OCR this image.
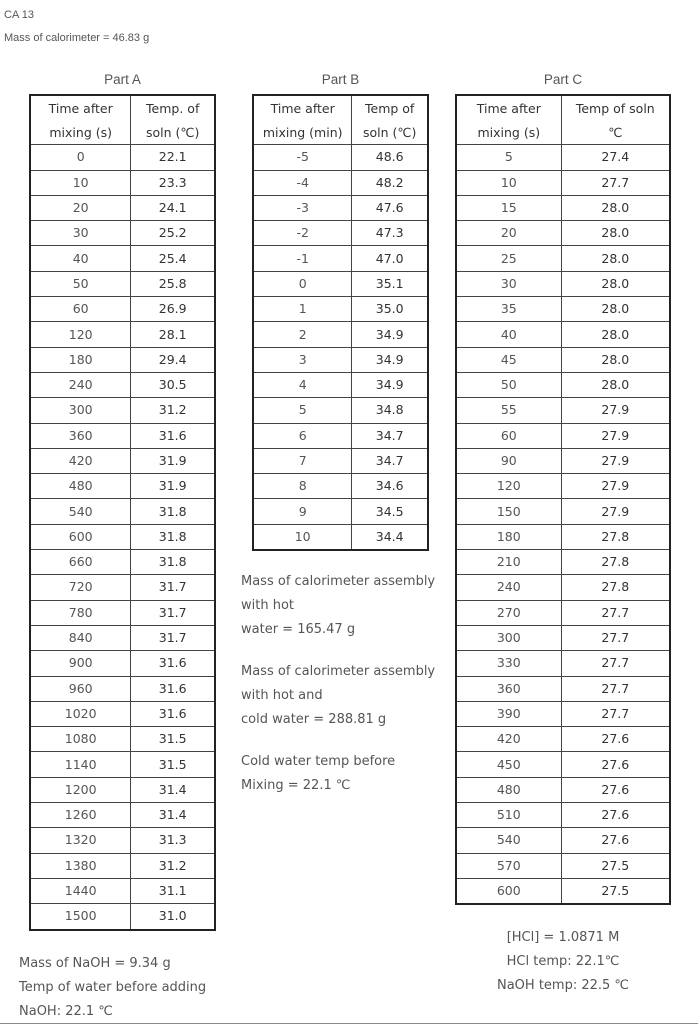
CA 13
Mass of calorimeter = 46.83 g
Part A
Time after	Temp. of
mixing (s)	soln (℃)
0	22.1
10	23.3
20	24.1
30	25.2
40	25.4
50	25.8
60	26.9
120	28.1
180	29.4
240	30.5
300	31.2
360	31.6
420	31.9
480	31.9
540	31.8
600	31.8
660	31.8
720	31.7
780	31.7
840	31.7
900	31.6
960	31.6
1020	31.6
1080	31.5
1140	31.5
1200	31.4
1260	31.4
1320	31.3
1380	31.2
1440	31.1
1500	31.0
Mass of NaOH = 9.34 g
Temp of water before adding
NaOH: 22.1 ℃
Part B
Time after	Temp of
mixing (min)	soln (℃)
-5	48.6
-4	48.2
-3	47.6
-2	47.3
-1	47.0
0	35.1
1	35.0
2	34.9
3	34.9
4	34.9
5	34.8
6	34.7
7	34.7
8	34.6
9	34.5
10	34.4
Mass of calorimeter assembly
with hot
water = 165.47 g
Mass of calorimeter assembly
with hot and
cold water = 288.81 g
Cold water temp before
Mixing = 22.1 ℃
Part C
Time after	Temp of soln
mixing (s)	℃
5	27.4
10	27.7
15	28.0
20	28.0
25	28.0
30	28.0
35	28.0
40	28.0
45	28.0
50	28.0
55	27.9
60	27.9
90	27.9
120	27.9
150	27.9
180	27.8
210	27.8
240	27.8
270	27.7
300	27.7
330	27.7
360	27.7
390	27.7
420	27.6
450	27.6
480	27.6
510	27.6
540	27.6
570	27.5
600	27.5
[HCl] = 1.0871 M
HCl temp: 22.1℃
NaOH temp: 22.5 ℃
